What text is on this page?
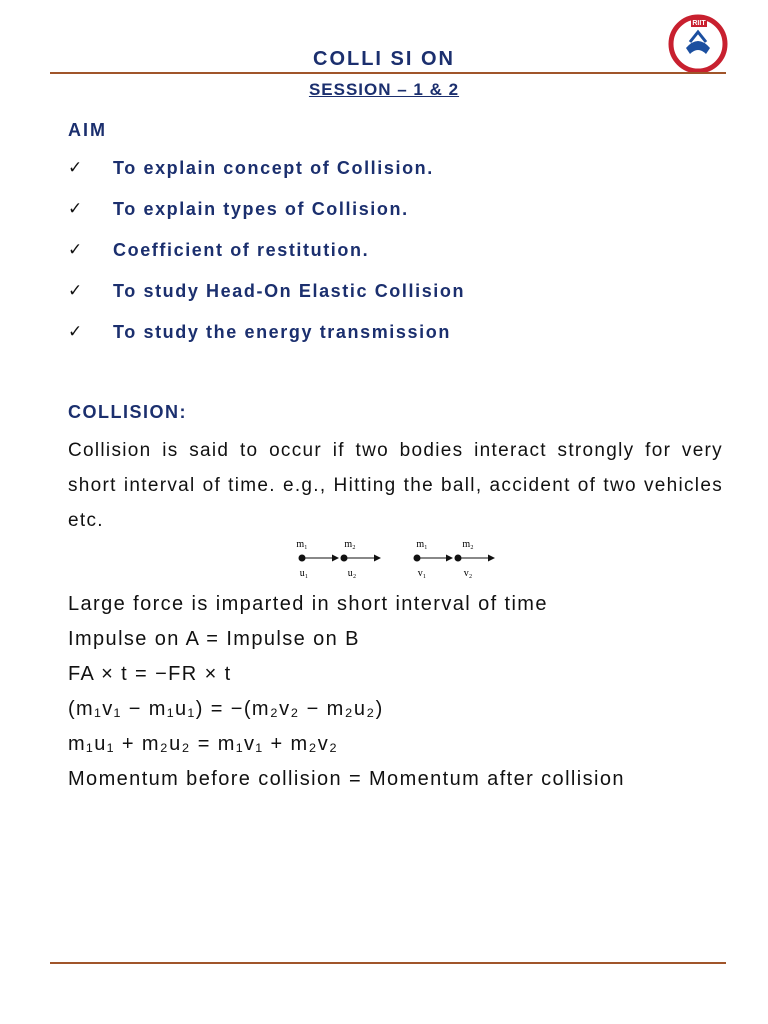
RIIT
COLLI SI ON
SESSION – 1 & 2
AIM
✓	To explain concept of Collision.
✓	To explain types of Collision.
✓	Coefficient of restitution.
✓	To study Head-On Elastic Collision
✓	To study the energy transmission
COLLISION:
Collision is said to occur if two bodies interact strongly for very short interval of time. e.g., Hitting the ball, accident of two vehicles etc.
m₁	m₂	m₁	m₂
u₁	u₂	v₁	v₂
Large force is imparted in short interval of time
Impulse on A = Impulse on B
FA × t = −FR × t
(m₁v₁ − m₁u₁) = −(m₂v₂ − m₂u₂)
m₁u₁ + m₂u₂ = m₁v₁ + m₂v₂
Momentum before collision = Momentum after collision
